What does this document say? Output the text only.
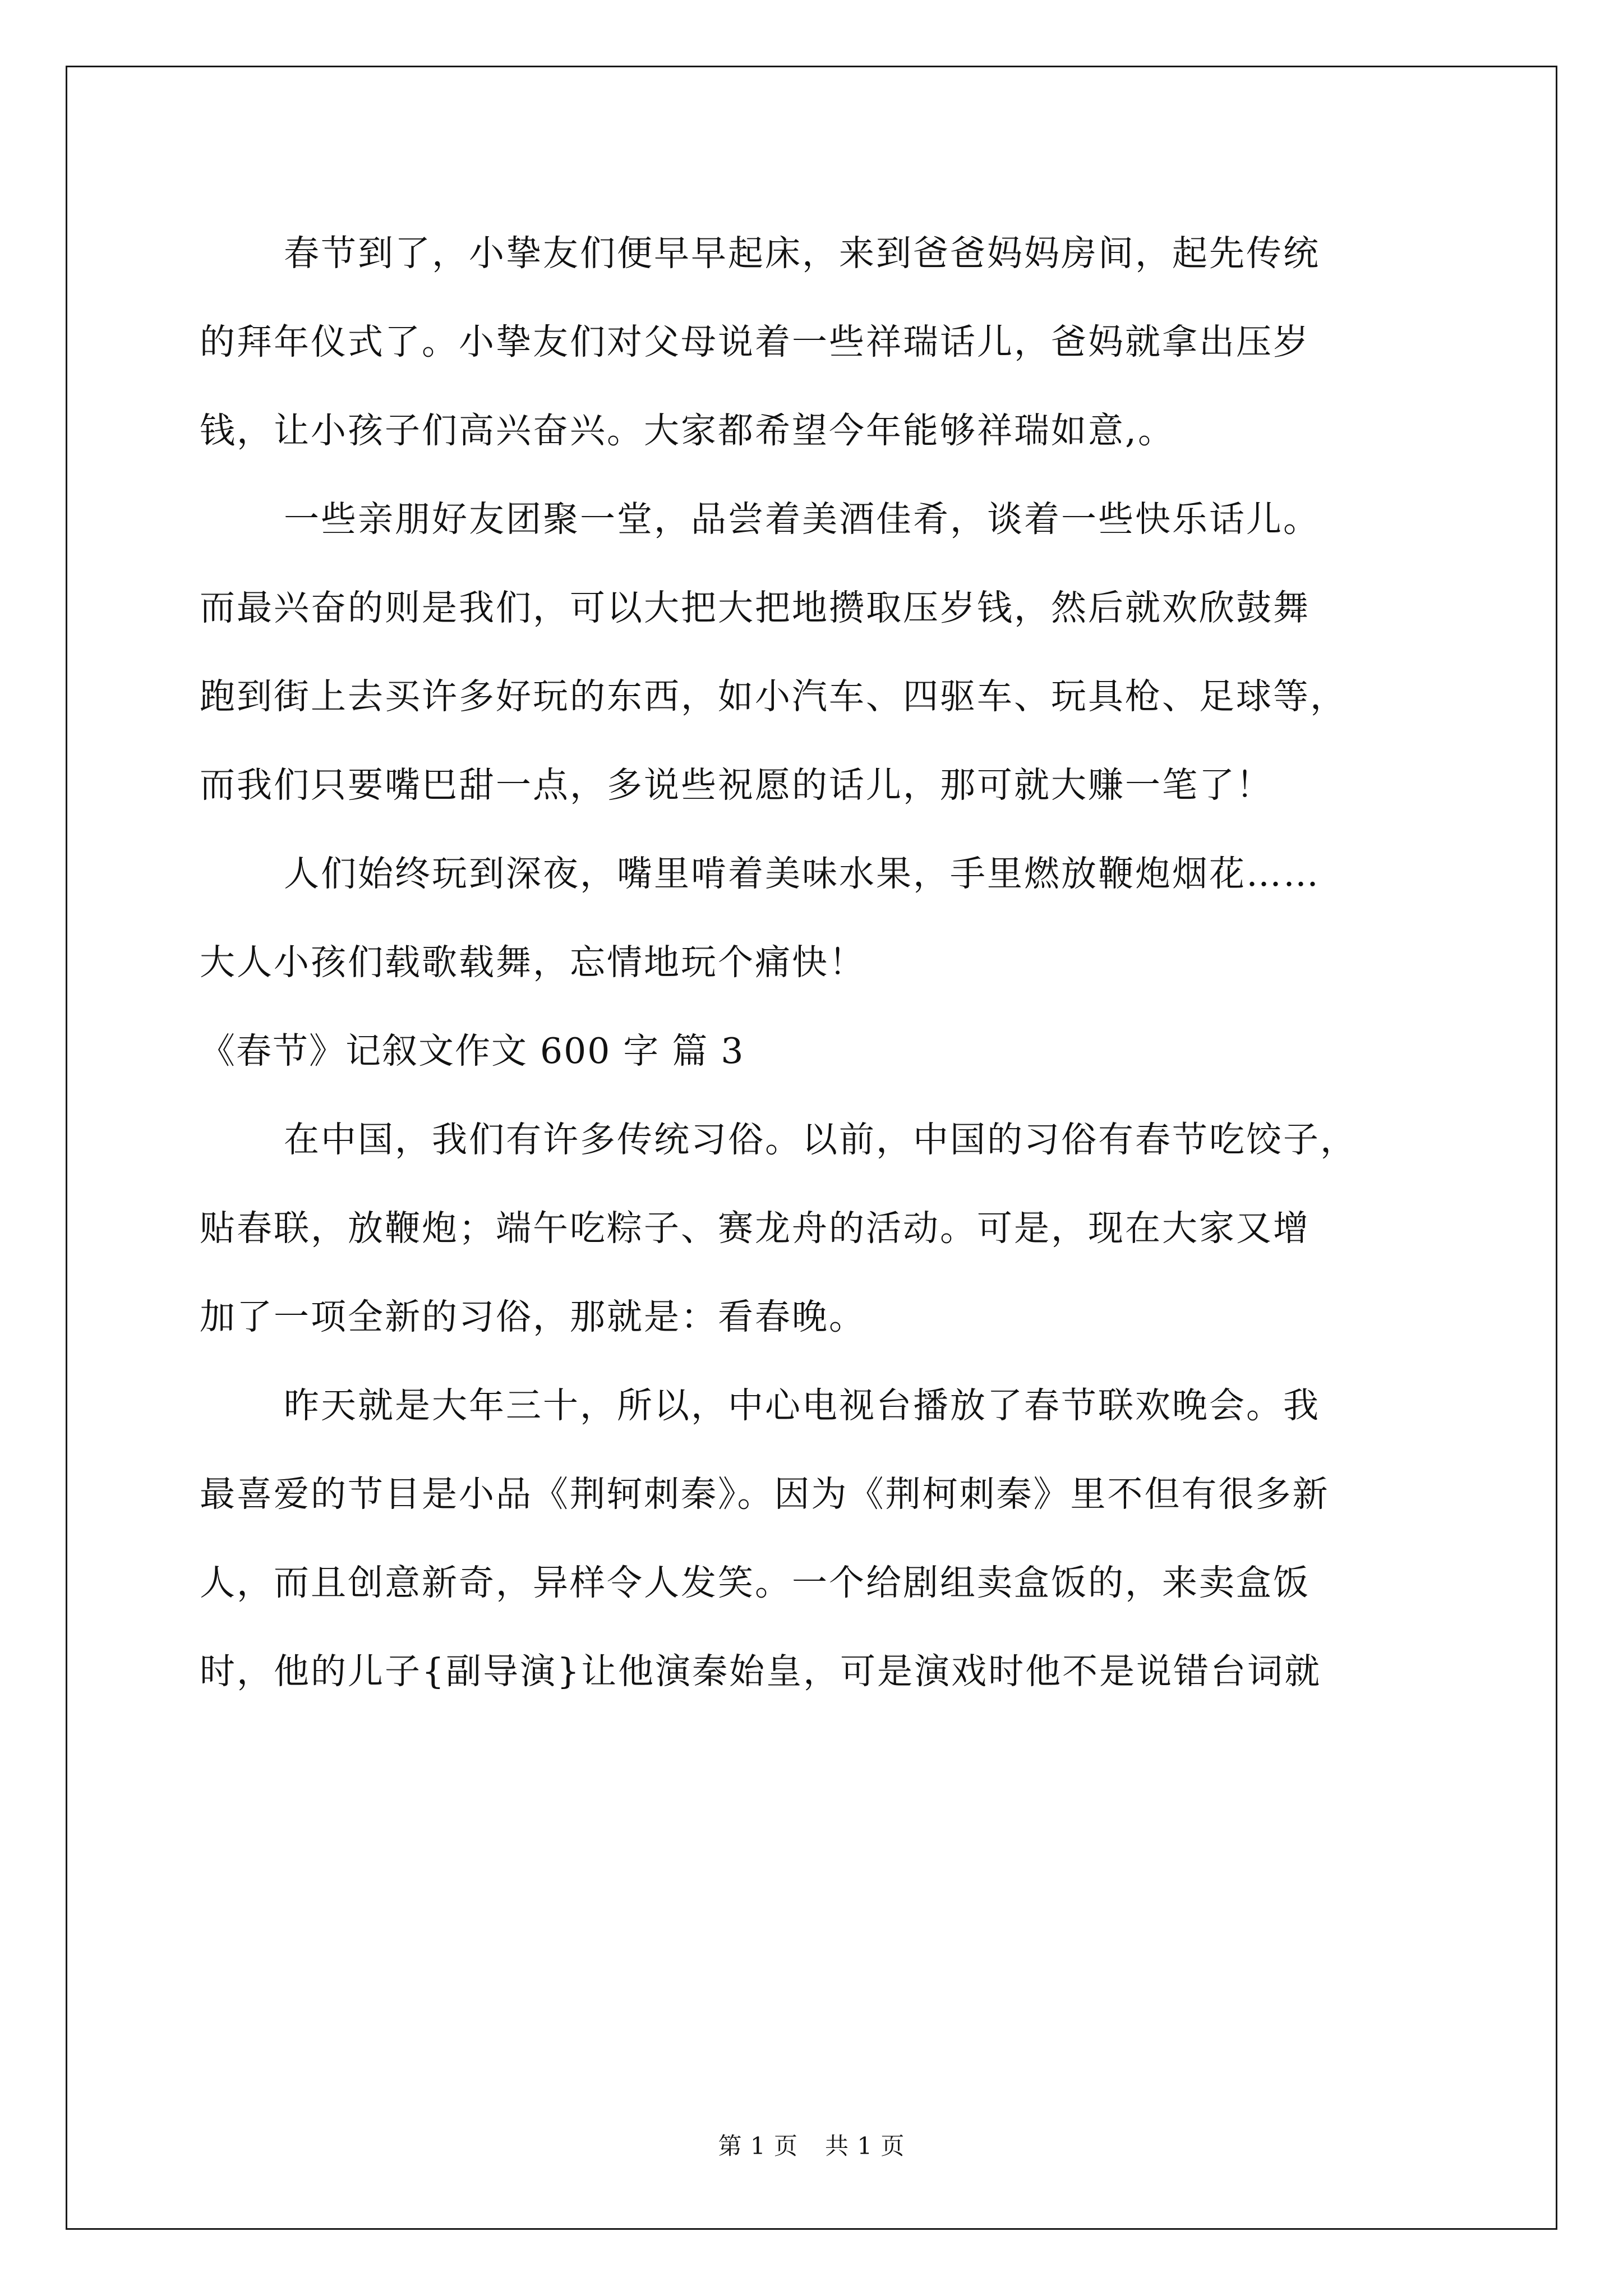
春节到了，小挚友们便早早起床，来到爸爸妈妈房间，起先传统
的拜年仪式了。小挚友们对父母说着一些祥瑞话儿，爸妈就拿出压岁
钱，让小孩子们高兴奋兴。大家都希望今年能够祥瑞如意,。
一些亲朋好友团聚一堂，品尝着美酒佳肴，谈着一些快乐话儿。
而最兴奋的则是我们，可以大把大把地攒取压岁钱，然后就欢欣鼓舞
跑到街上去买许多好玩的东西，如小汽车、四驱车、玩具枪、足球等，
而我们只要嘴巴甜一点，多说些祝愿的话儿，那可就大赚一笔了！
人们始终玩到深夜，嘴里啃着美味水果，手里燃放鞭炮烟花……
大人小孩们载歌载舞，忘情地玩个痛快！
《春节》记叙文作文 600 字 篇 3
在中国，我们有许多传统习俗。以前，中国的习俗有春节吃饺子，
贴春联，放鞭炮；端午吃粽子、赛龙舟的活动。可是，现在大家又增
加了一项全新的习俗，那就是：看春晚。
昨天就是大年三十，所以，中心电视台播放了春节联欢晚会。我
最喜爱的节目是小品《荆轲刺秦》。因为《荆柯刺秦》里不但有很多新
人，而且创意新奇，异样令人发笑。一个给剧组卖盒饭的，来卖盒饭
时，他的儿子{副导演}让他演秦始皇，可是演戏时他不是说错台词就
第 1 页 共 1 页
